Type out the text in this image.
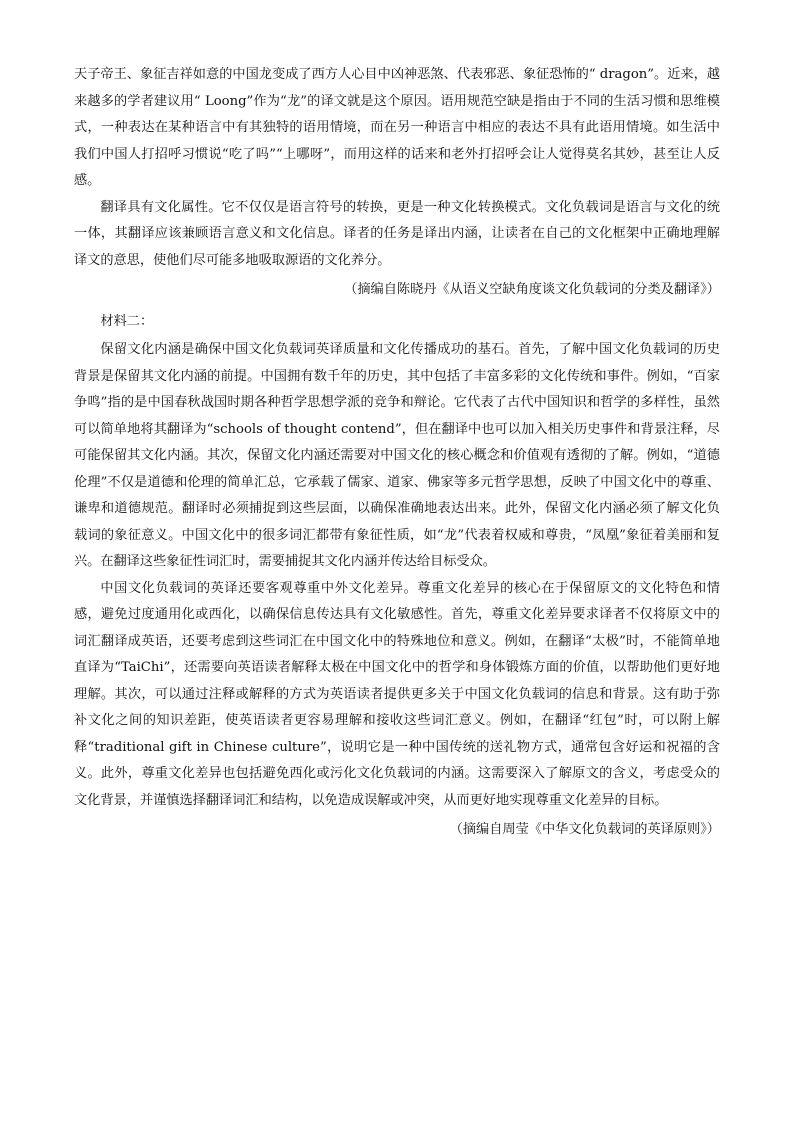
天子帝王、象征吉祥如意的中国龙变成了西方人心目中凶神恶煞、代表邪恶、象征恐怖的“ dragon”。近来，越来越多的学者建议用“ Loong”作为“龙”的译文就是这个原因。语用规范空缺是指由于不同的生活习惯和思维模式，一种表达在某种语言中有其独特的语用情境，而在另一种语言中相应的表达不具有此语用情境。如生活中我们中国人打招呼习惯说“吃了吗”“上哪呀”，而用这样的话来和老外打招呼会让人觉得莫名其妙，甚至让人反感。

翻译具有文化属性。它不仅仅是语言符号的转换，更是一种文化转换模式。文化负载词是语言与文化的统一体，其翻译应该兼顾语言意义和文化信息。译者的任务是译出内涵，让读者在自己的文化框架中正确地理解译文的意思，使他们尽可能多地吸取源语的文化养分。

（摘编自陈晓丹《从语义空缺角度谈文化负载词的分类及翻译》）

材料二：

保留文化内涵是确保中国文化负载词英译质量和文化传播成功的基石。首先，了解中国文化负载词的历史背景是保留其文化内涵的前提。中国拥有数千年的历史，其中包括了丰富多彩的文化传统和事件。例如，“百家争鸣”指的是中国春秋战国时期各种哲学思想学派的竞争和辩论。它代表了古代中国知识和哲学的多样性，虽然可以简单地将其翻译为“schools of thought contend”，但在翻译中也可以加入相关历史事件和背景注释，尽可能保留其文化内涵。其次，保留文化内涵还需要对中国文化的核心概念和价值观有透彻的了解。例如，“道德伦理”不仅是道德和伦理的简单汇总，它承载了儒家、道家、佛家等多元哲学思想，反映了中国文化中的尊重、谦卑和道德规范。翻译时必须捕捉到这些层面，以确保准确地表达出来。此外，保留文化内涵必须了解文化负载词的象征意义。中国文化中的很多词汇都带有象征性质，如“龙”代表着权威和尊贵，“凤凰”象征着美丽和复兴。在翻译这些象征性词汇时，需要捕捉其文化内涵并传达给目标受众。

中国文化负载词的英译还要客观尊重中外文化差异。尊重文化差异的核心在于保留原文的文化特色和情感，避免过度通用化或西化，以确保信息传达具有文化敏感性。首先，尊重文化差异要求译者不仅将原文中的词汇翻译成英语，还要考虑到这些词汇在中国文化中的特殊地位和意义。例如，在翻译“太极”时，不能简单地直译为“TaiChi”，还需要向英语读者解释太极在中国文化中的哲学和身体锻炼方面的价值，以帮助他们更好地理解。其次，可以通过注释或解释的方式为英语读者提供更多关于中国文化负载词的信息和背景。这有助于弥补文化之间的知识差距，使英语读者更容易理解和接收这些词汇意义。例如，在翻译“红包”时，可以附上解释“traditional gift in Chinese culture”，说明它是一种中国传统的送礼物方式，通常包含好运和祝福的含义。此外，尊重文化差异也包括避免西化或污化文化负载词的内涵。这需要深入了解原文的含义，考虑受众的文化背景，并谨慎选择翻译词汇和结构，以免造成误解或冲突，从而更好地实现尊重文化差异的目标。

（摘编自周莹《中华文化负载词的英译原则》）
